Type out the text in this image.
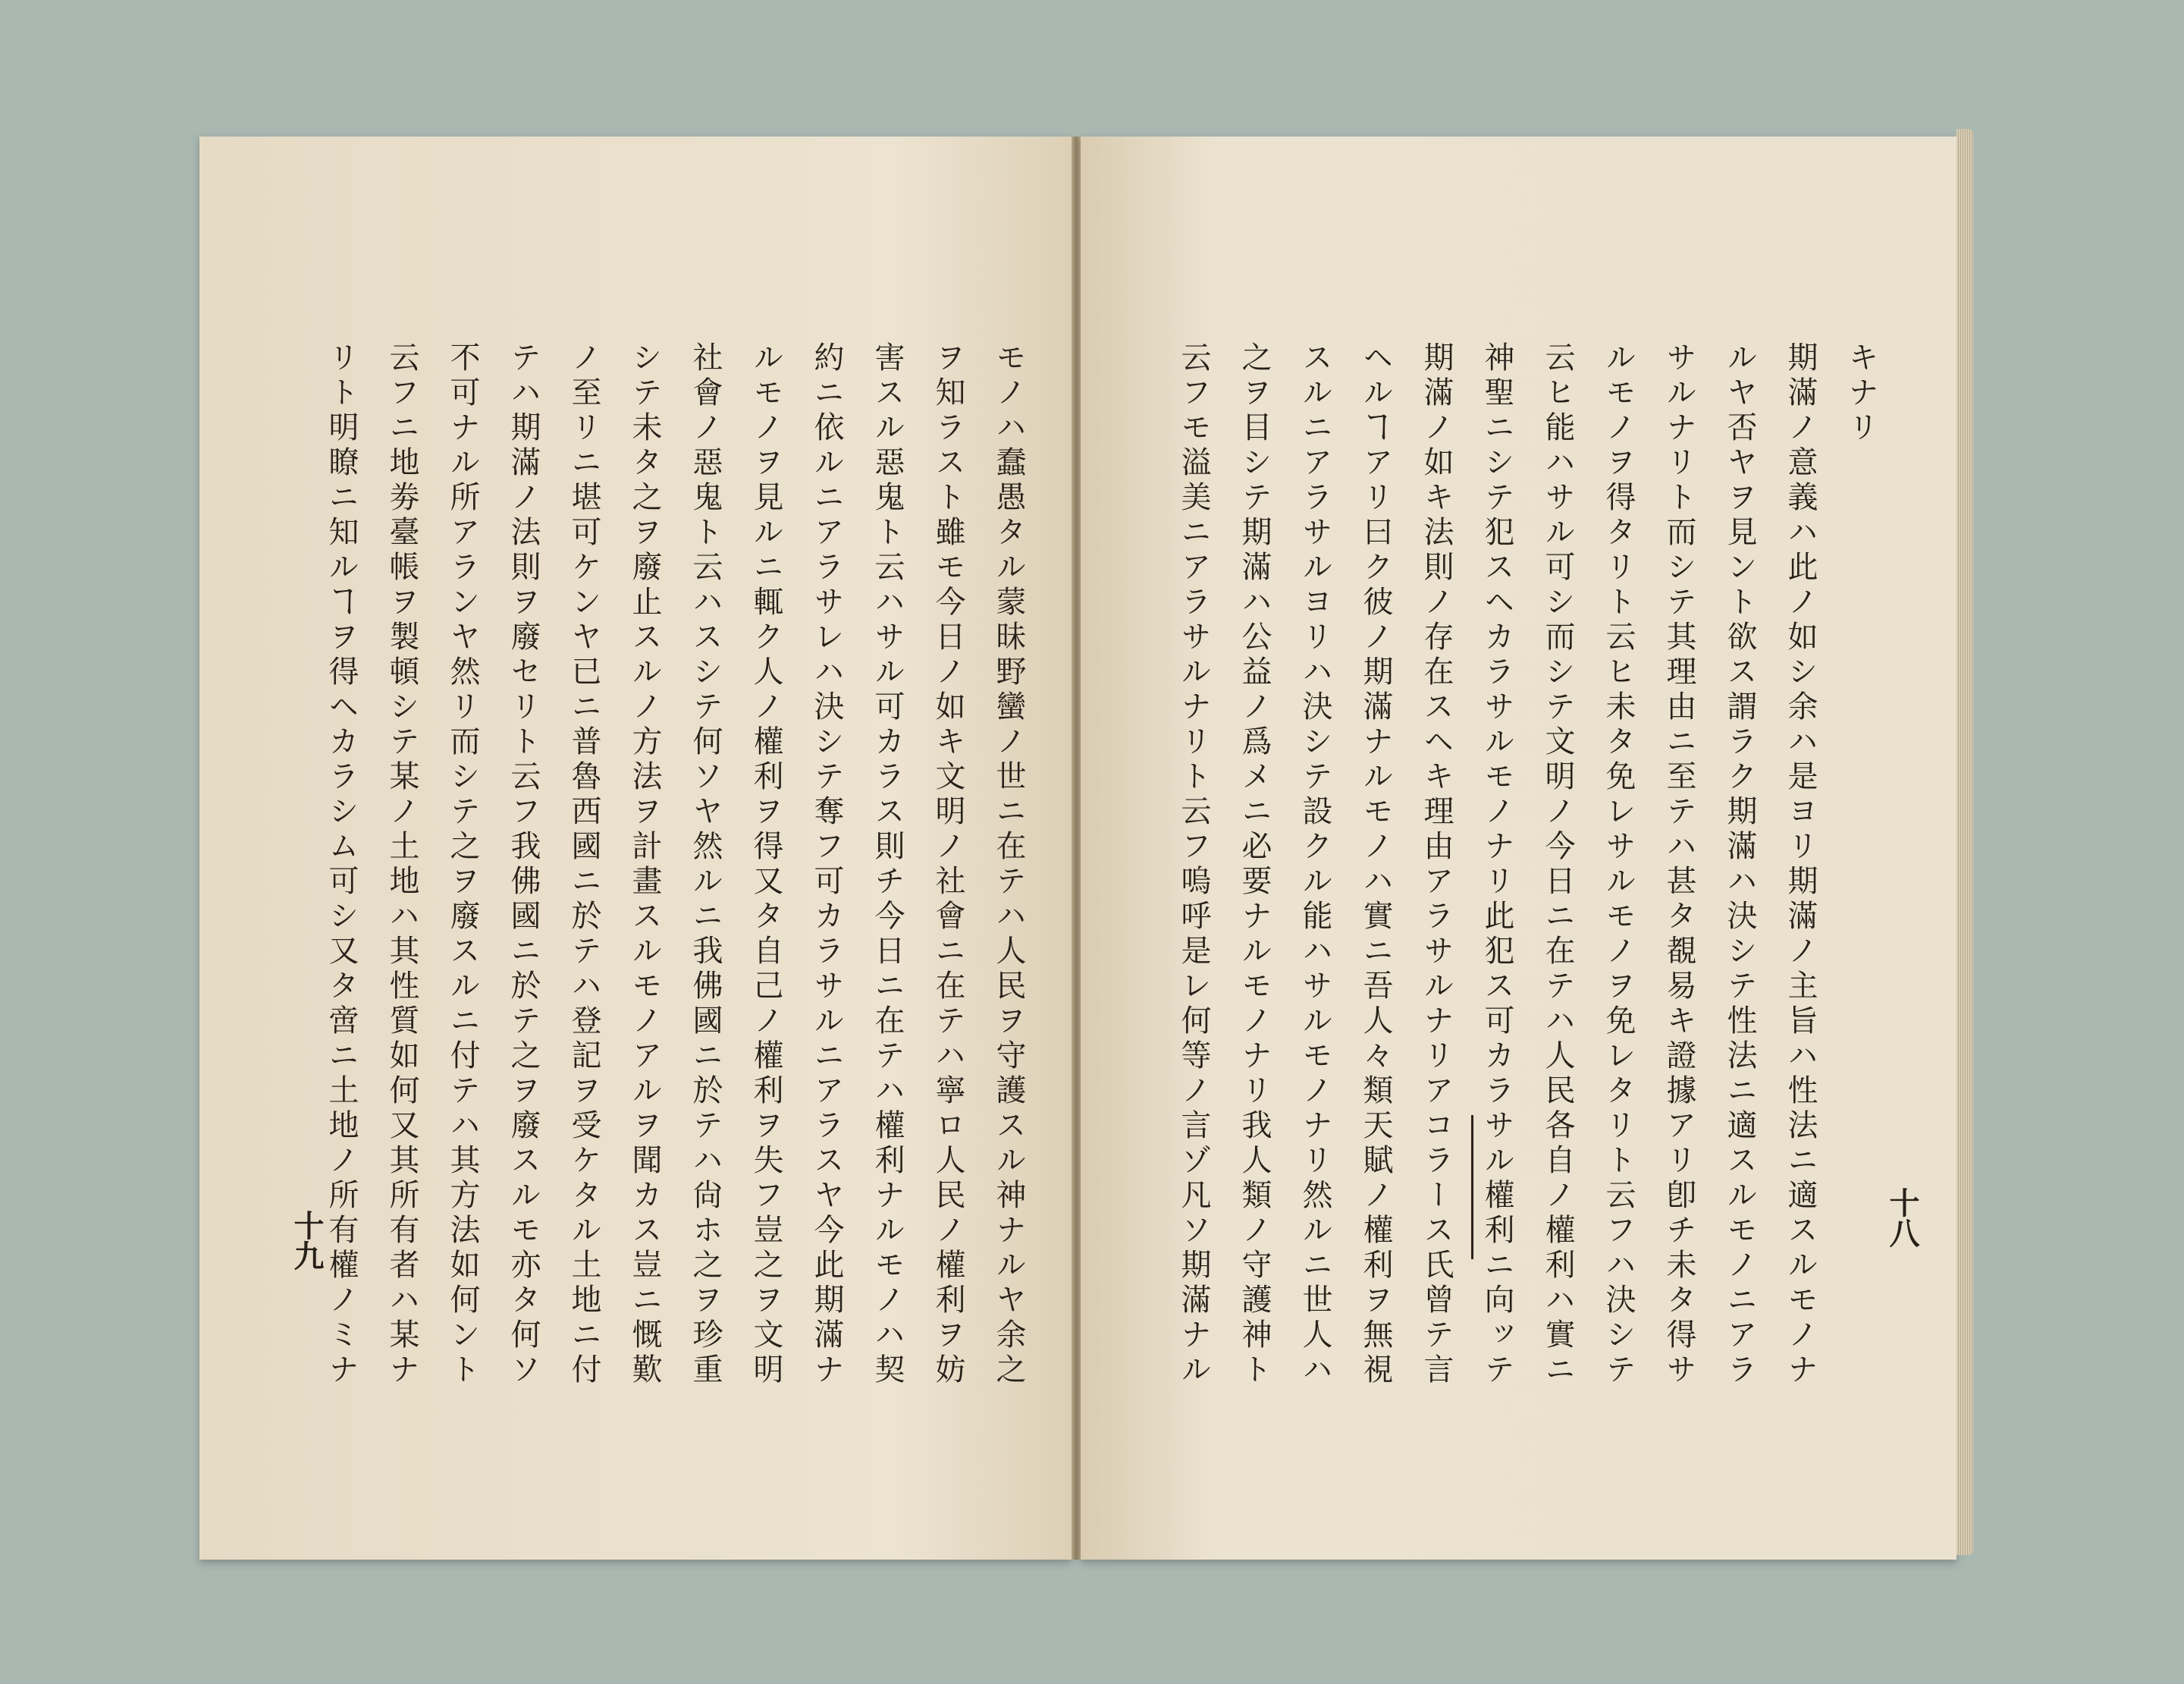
モノハ蠢愚タル蒙昧野蠻ノ世ニ在テハ人民ヲ守護スル神ナルヤ余之
ヲ知ラスト雖モ今日ノ如キ文明ノ社會ニ在テハ寧ロ人民ノ權利ヲ妨
害スル惡鬼ト云ハサル可カラス則チ今日ニ在テハ權利ナルモノハ契
約ニ依ルニアラサレハ決シテ奪フ可カラサルニアラスヤ今此期滿ナ
ルモノヲ見ルニ輒ク人ノ權利ヲ得又タ自己ノ權利ヲ失フ豈之ヲ文明
社會ノ惡鬼ト云ハスシテ何ソヤ然ルニ我佛國ニ於テハ尙ホ之ヲ珍重
シテ未タ之ヲ廢止スルノ方法ヲ計畫スルモノアルヲ聞カス豈ニ慨歎
ノ至リニ堪可ケンヤ已ニ普魯西國ニ於テハ登記ヲ受ケタル土地ニ付
テハ期滿ノ法則ヲ廢セリト云フ我佛國ニ於テ之ヲ廢スルモ亦タ何ソ
不可ナル所アランヤ然リ而シテ之ヲ廢スルニ付テハ其方法如何ント
云フニ地劵臺帳ヲ製頓シテ某ノ土地ハ其性質如何又其所有者ハ某ナ
リト明瞭ニ知ルヿヲ得ヘカラシム可シ又タ啻ニ土地ノ所有權ノミナ
十九
キナリ
期滿ノ意義ハ此ノ如シ余ハ是ヨリ期滿ノ主旨ハ性法ニ適スルモノナ
ルヤ否ヤヲ見ント欲ス謂ラク期滿ハ決シテ性法ニ適スルモノニアラ
サルナリト而シテ其理由ニ至テハ甚タ覩易キ證據アリ卽チ未タ得サ
ルモノヲ得タリト云ヒ未タ免レサルモノヲ免レタリト云フハ決シテ
云ヒ能ハサル可シ而シテ文明ノ今日ニ在テハ人民各自ノ權利ハ實ニ
神聖ニシテ犯スヘカラサルモノナリ此犯ス可カラサル權利ニ向ッテ
期滿ノ如キ法則ノ存在スヘキ理由アラサルナリアコラース氏曾テ言
ヘルヿアリ曰ク彼ノ期滿ナルモノハ實ニ吾人々類天賦ノ權利ヲ無視
スルニアラサルヨリハ決シテ設クル能ハサルモノナリ然ルニ世人ハ
之ヲ目シテ期滿ハ公益ノ爲メニ必要ナルモノナリ我人類ノ守護神ト
云フモ溢美ニアラサルナリト云フ嗚呼是レ何等ノ言ゾ凡ソ期滿ナル	十八
